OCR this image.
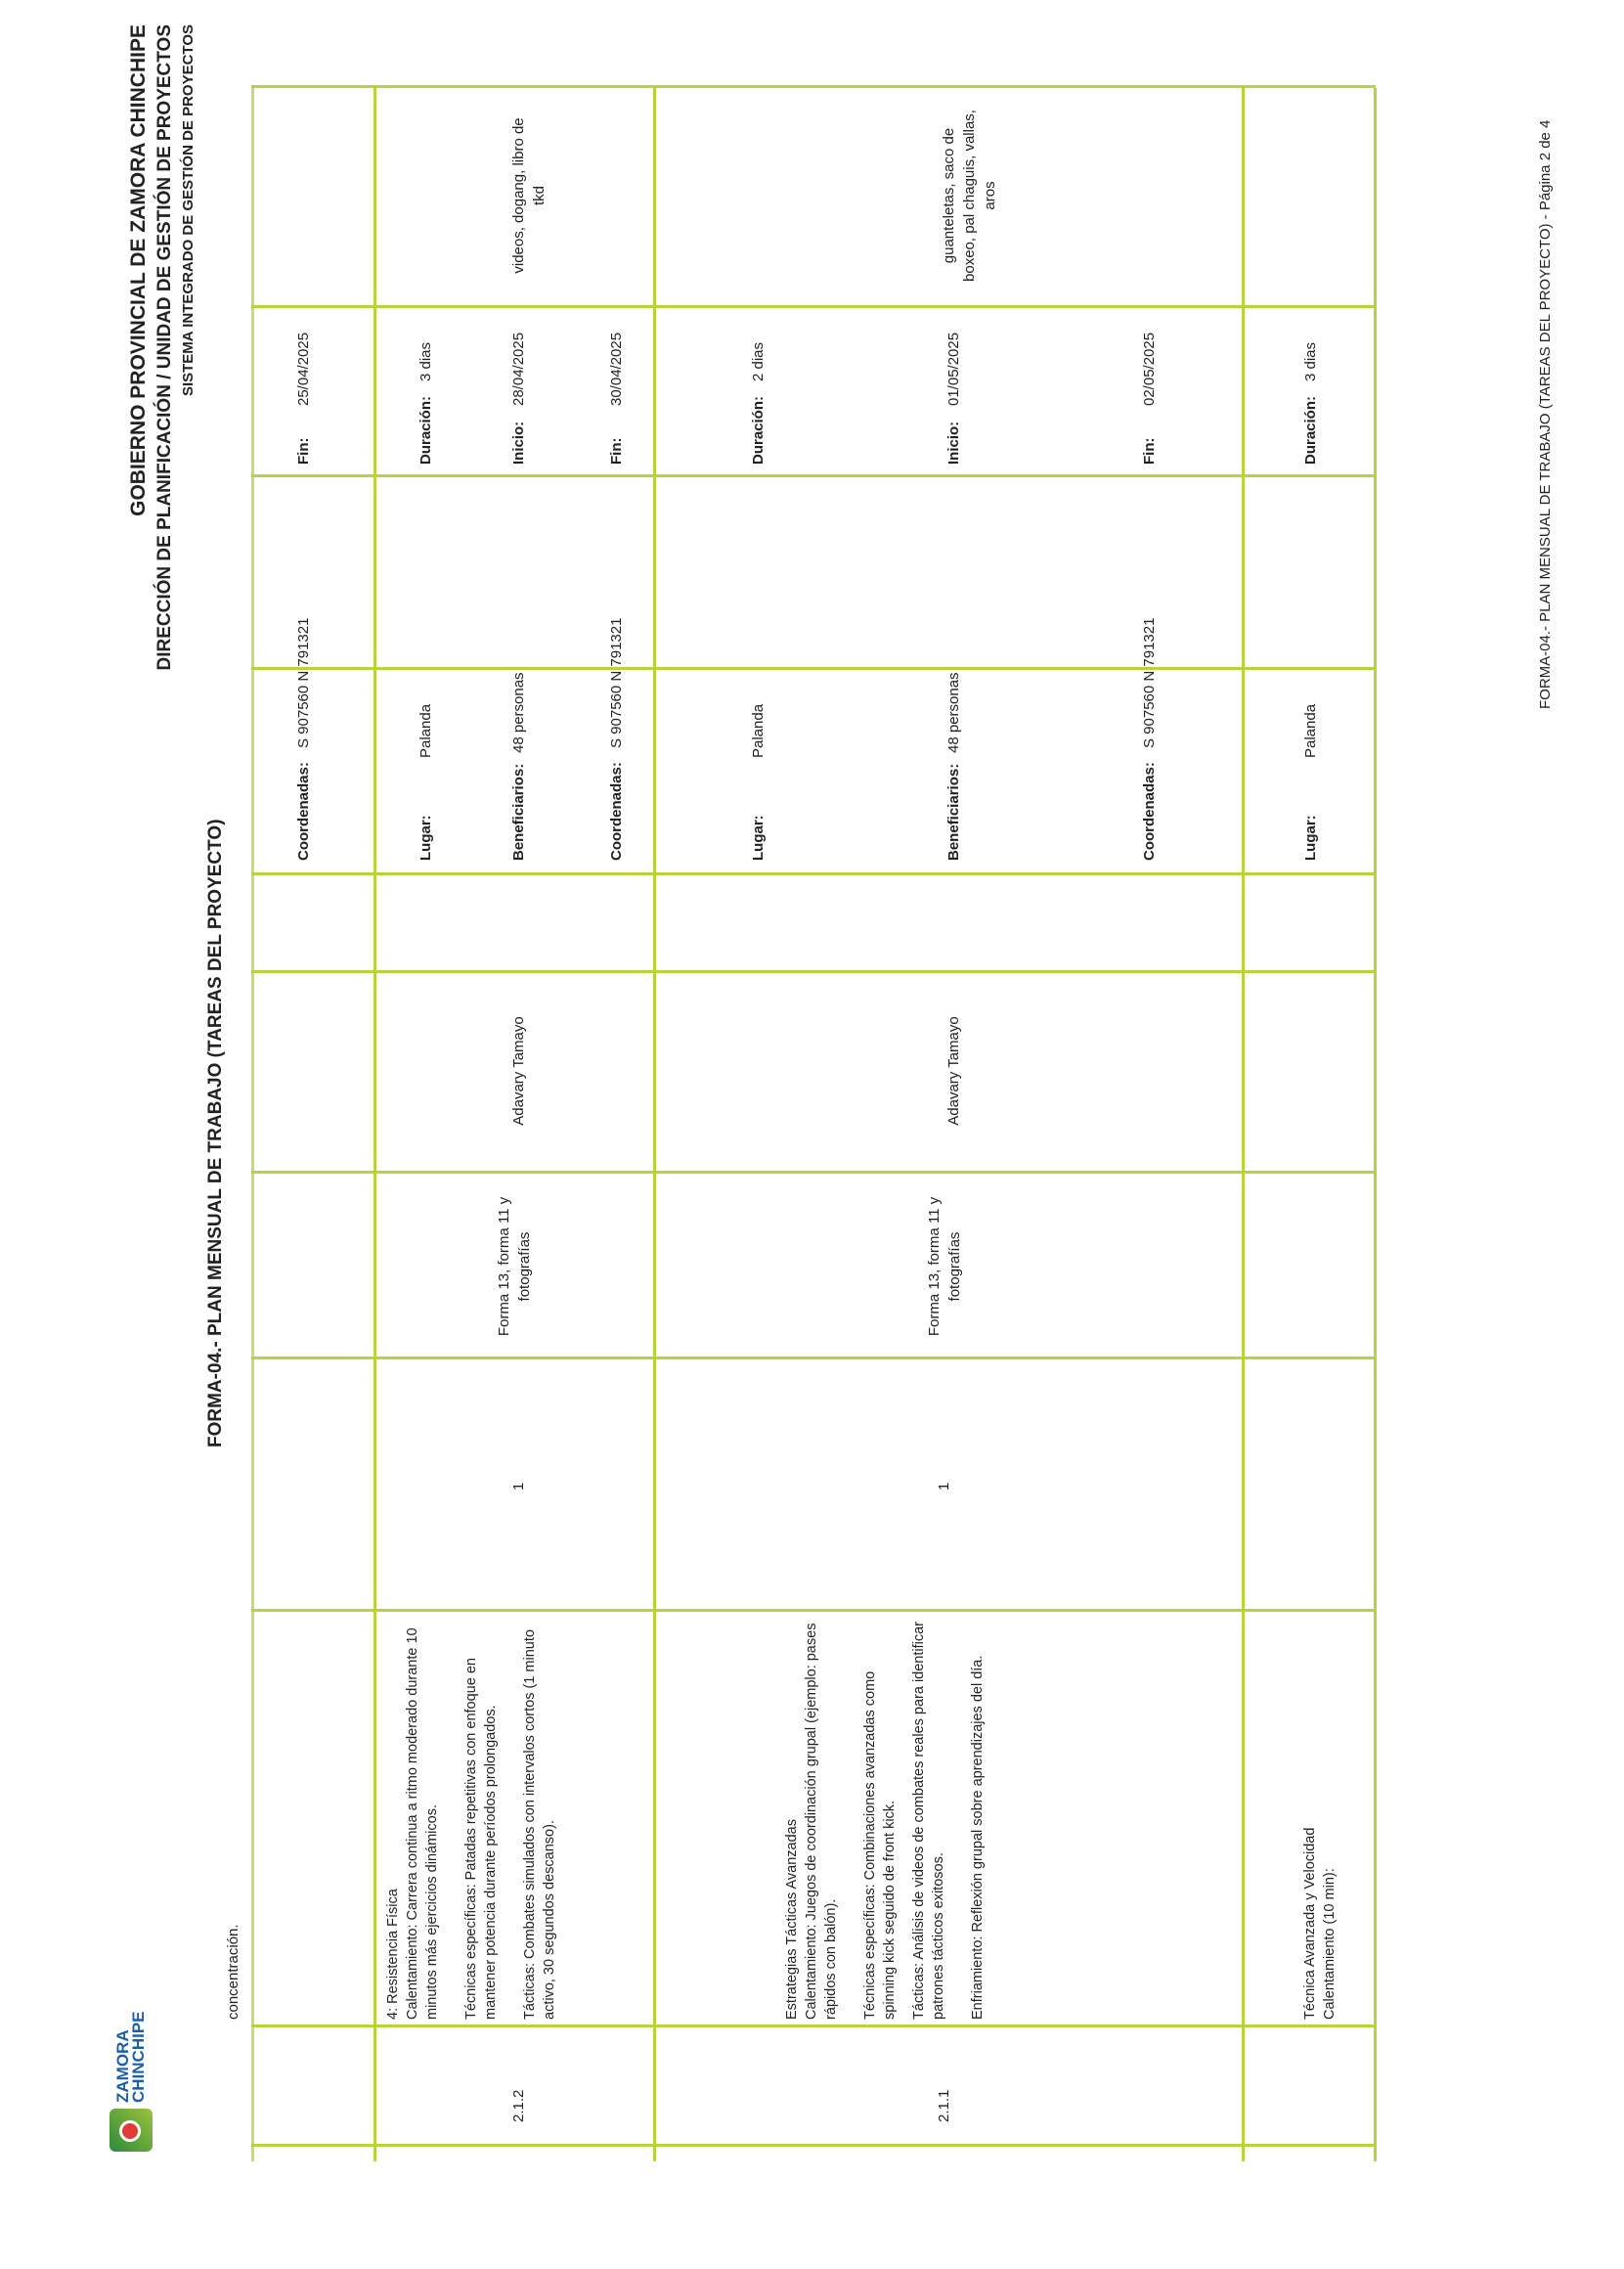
GOBIERNO PROVINCIAL DE ZAMORA CHINCHIPE DIRECCIÓN DE PLANIFICACIÓN / UNIDAD DE GESTIÓN DE PROYECTOS SISTEMA INTEGRADO DE GESTIÓN DE PROYECTOS
FORMA-04.- PLAN MENSUAL DE TRABAJO (TAREAS DEL PROYECTO)
ZAMORA
CHINCHIPE
FORMA-04.- PLAN MENSUAL DE TRABAJO (TAREAS DEL PROYECTO) - Página 2 de 4
concentración.
2.1.2
4: Resistencia Física Calentamiento: Carrera continua a ritmo moderado durante 10 minutos más ejercicios dinámicos. Técnicas específicas: Patadas repetitivas con enfoque en mantener potencia durante períodos prolongados. Tácticas: Combates simulados con intervalos cortos (1 minuto activo, 30 segundos descanso).
1
Forma 13, forma 11 y fotografías
Adavary Tamayo
Coordenadas:
S 907560 N 791321
Fin:
25/04/2025
Lugar:
Palanda
Duración:
3 dias
Beneficiarios:
48 personas
Inicio:
28/04/2025
Coordenadas:
S 907560 N 791321
Fin:
30/04/2025
videos, dogang, libro de tkd
2.1.1
Estrategias Tácticas Avanzadas Calentamiento: Juegos de coordinación grupal (ejemplo: pases rápidos con balón). Técnicas específicas: Combinaciones avanzadas como spinning kick seguido de front kick. Tácticas: Análisis de videos de combates reales para identificar patrones tácticos exitosos. Enfriamiento: Reflexión grupal sobre aprendizajes del día.
1
Forma 13, forma 11 y fotografías
Adavary Tamayo
Lugar:
Palanda
Duración:
2 dias
Beneficiarios:
48 personas
Inicio:
01/05/2025
Coordenadas:
S 907560 N 791321
Fin:
02/05/2025
guanteletas, saco de boxeo, pal chaguis, vallas, aros
Técnica Avanzada y Velocidad Calentamiento (10 min):
Lugar:
Palanda
Duración:
3 dias
